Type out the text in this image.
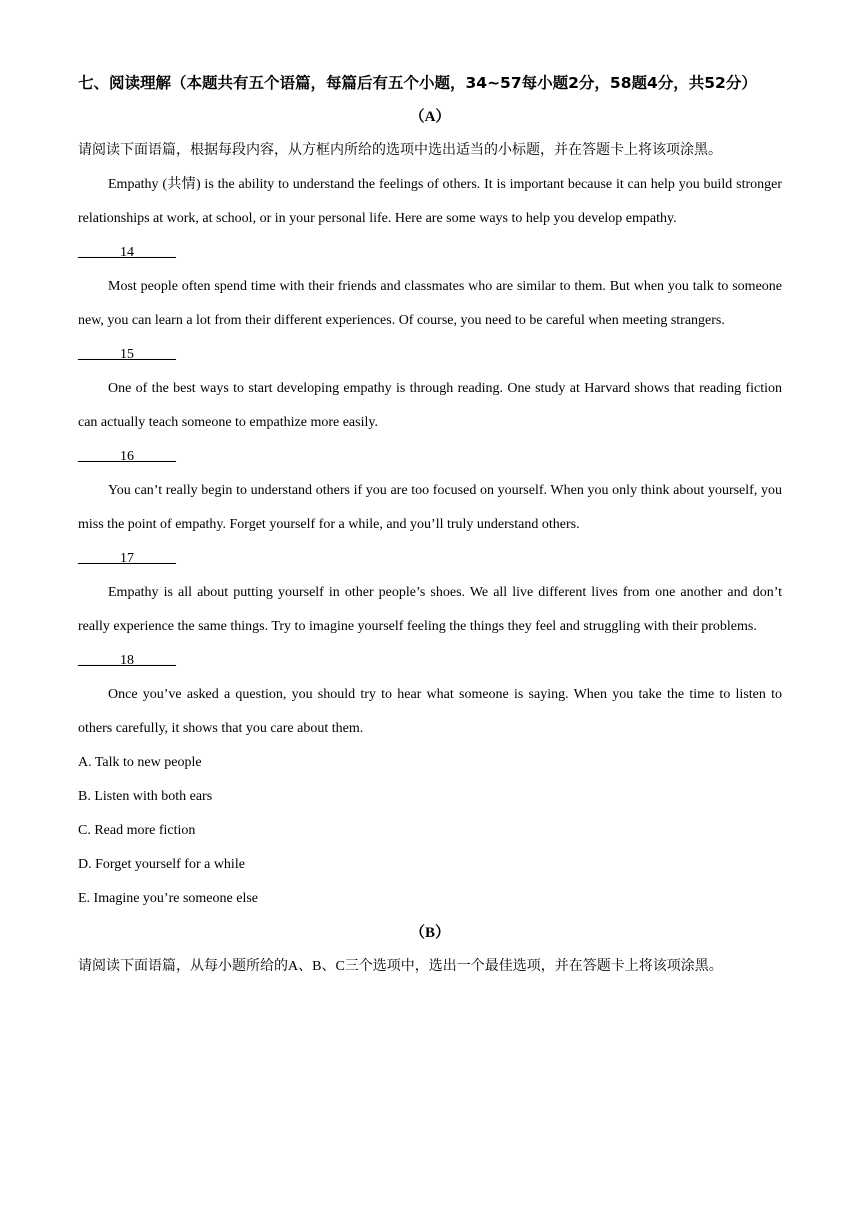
七、阅读理解（本题共有五个语篇，每篇后有五个小题，34~57每小题2分，58题4分，共52分）

（A）

请阅读下面语篇，根据每段内容，从方框内所给的选项中选出适当的小标题，并在答题卡上将该项涂黑。

Empathy (共情) is the ability to understand the feelings of others. It is important because it can help you build stronger relationships at work, at school, or in your personal life. Here are some ways to help you develop empathy.

______14______

Most people often spend time with their friends and classmates who are similar to them. But when you talk to someone new, you can learn a lot from their different experiences. Of course, you need to be careful when meeting strangers.

______15______

One of the best ways to start developing empathy is through reading. One study at Harvard shows that reading fiction can actually teach someone to empathize more easily.

______16______

You can’t really begin to understand others if you are too focused on yourself. When you only think about yourself, you miss the point of empathy. Forget yourself for a while, and you’ll truly understand others.

______17______

Empathy is all about putting yourself in other people’s shoes. We all live different lives from one another and don’t really experience the same things. Try to imagine yourself feeling the things they feel and struggling with their problems.

______18______

Once you’ve asked a question, you should try to hear what someone is saying. When you take the time to listen to others carefully, it shows that you care about them.

A. Talk to new people

B. Listen with both ears

C. Read more fiction

D. Forget yourself for a while

E. Imagine you’re someone else

（B）

请阅读下面语篇，从每小题所给的A、B、C三个选项中，选出一个最佳选项，并在答题卡上将该项涂黑。
